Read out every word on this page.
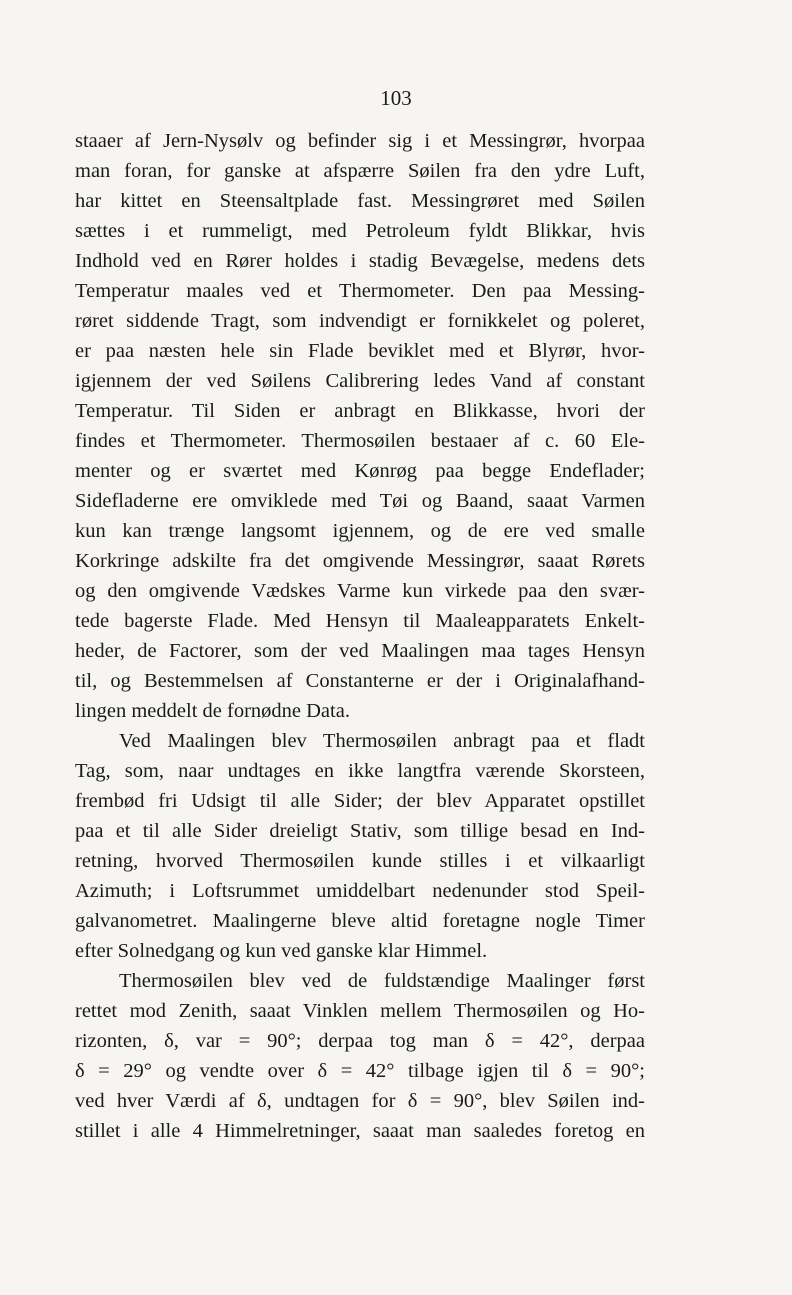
103
staaer af Jern-Nysølv og befinder sig i et Messingrør, hvorpaa
man foran, for ganske at afspærre Søilen fra den ydre Luft,
har kittet en Steensaltplade fast. Messingrøret med Søilen
sættes i et rummeligt, med Petroleum fyldt Blikkar, hvis
Indhold ved en Rører holdes i stadig Bevægelse, medens dets
Temperatur maales ved et Thermometer. Den paa Messing-
røret siddende Tragt, som indvendigt er fornikkelet og poleret,
er paa næsten hele sin Flade beviklet med et Blyrør, hvor-
igjennem der ved Søilens Calibrering ledes Vand af constant
Temperatur. Til Siden er anbragt en Blikkasse, hvori der
findes et Thermometer. Thermosøilen bestaaer af c. 60 Ele-
menter og er sværtet med Kønrøg paa begge Endeflader;
Sidefladerne ere omviklede med Tøi og Baand, saaat Varmen
kun kan trænge langsomt igjennem, og de ere ved smalle
Korkringe adskilte fra det omgivende Messingrør, saaat Rørets
og den omgivende Vædskes Varme kun virkede paa den svær-
tede bagerste Flade. Med Hensyn til Maaleapparatets Enkelt-
heder, de Factorer, som der ved Maalingen maa tages Hensyn
til, og Bestemmelsen af Constanterne er der i Originalafhand-
lingen meddelt de fornødne Data.
Ved Maalingen blev Thermosøilen anbragt paa et fladt
Tag, som, naar undtages en ikke langtfra værende Skorsteen,
frembød fri Udsigt til alle Sider; der blev Apparatet opstillet
paa et til alle Sider dreieligt Stativ, som tillige besad en Ind-
retning, hvorved Thermosøilen kunde stilles i et vilkaarligt
Azimuth; i Loftsrummet umiddelbart nedenunder stod Speil-
galvanometret. Maalingerne bleve altid foretagne nogle Timer
efter Solnedgang og kun ved ganske klar Himmel.
Thermosøilen blev ved de fuldstændige Maalinger først
rettet mod Zenith, saaat Vinklen mellem Thermosøilen og Ho-
rizonten, δ, var = 90°; derpaa tog man δ = 42°, derpaa
δ = 29° og vendte over δ = 42° tilbage igjen til δ = 90°;
ved hver Værdi af δ, undtagen for δ = 90°, blev Søilen ind-
stillet i alle 4 Himmelretninger, saaat man saaledes foretog en
